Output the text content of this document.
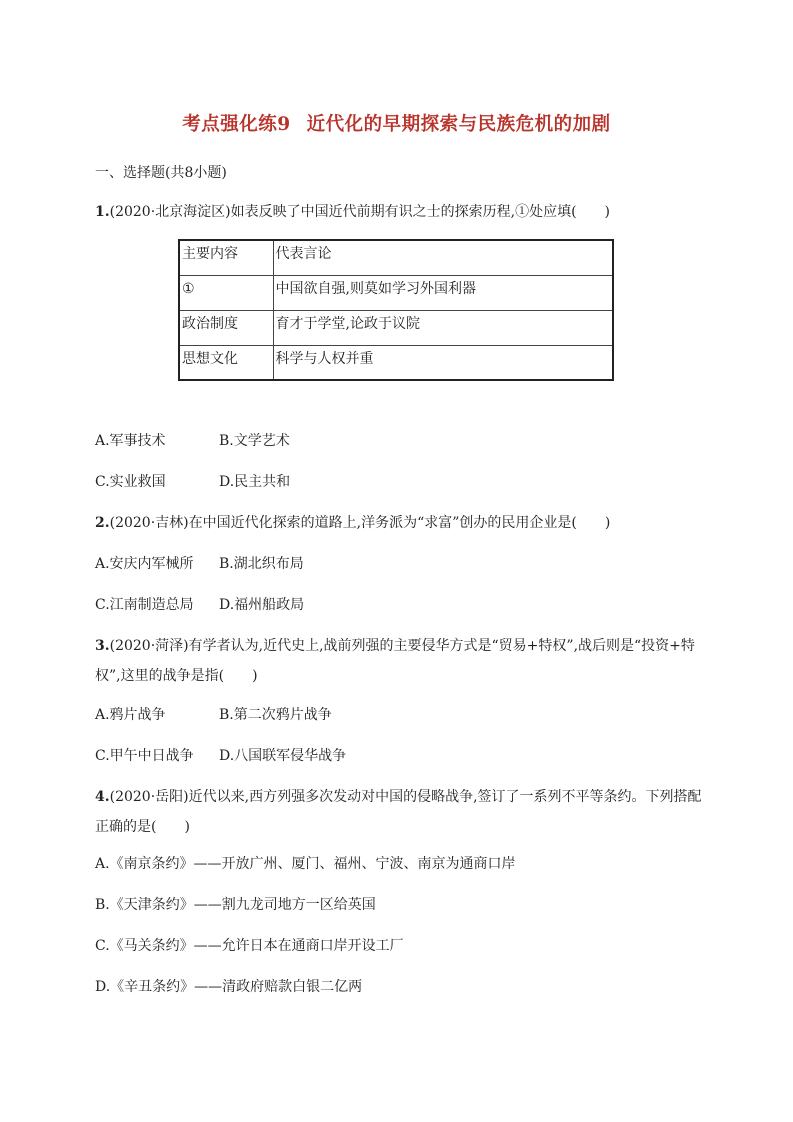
考点强化练9 近代化的早期探索与民族危机的加剧
一、选择题(共8小题)
1.(2020·北京海淀区)如表反映了中国近代前期有识之士的探索历程,①处应填(　　)
主要内容	代表言论
①	中国欲自强,则莫如学习外国利器
政治制度	育才于学堂,论政于议院
思想文化	科学与人权并重
A.军事技术	B.文学艺术
C.实业救国	D.民主共和
2.(2020·吉林)在中国近代化探索的道路上,洋务派为“求富”创办的民用企业是(　　)
A.安庆内军械所 B.湖北织布局
C.江南制造总局 D.福州船政局
3.(2020·菏泽)有学者认为,近代史上,战前列强的主要侵华方式是“贸易+特权”,战后则是“投资+特权”,这里的战争是指(　　)
A.鸦片战争	B.第二次鸦片战争
C.甲午中日战争 D.八国联军侵华战争
4.(2020·岳阳)近代以来,西方列强多次发动对中国的侵略战争,签订了一系列不平等条约。下列搭配正确的是(　　)
A.《南京条约》——开放广州、厦门、福州、宁波、南京为通商口岸
B.《天津条约》——割九龙司地方一区给英国
C.《马关条约》——允许日本在通商口岸开设工厂
D.《辛丑条约》——清政府赔款白银二亿两
